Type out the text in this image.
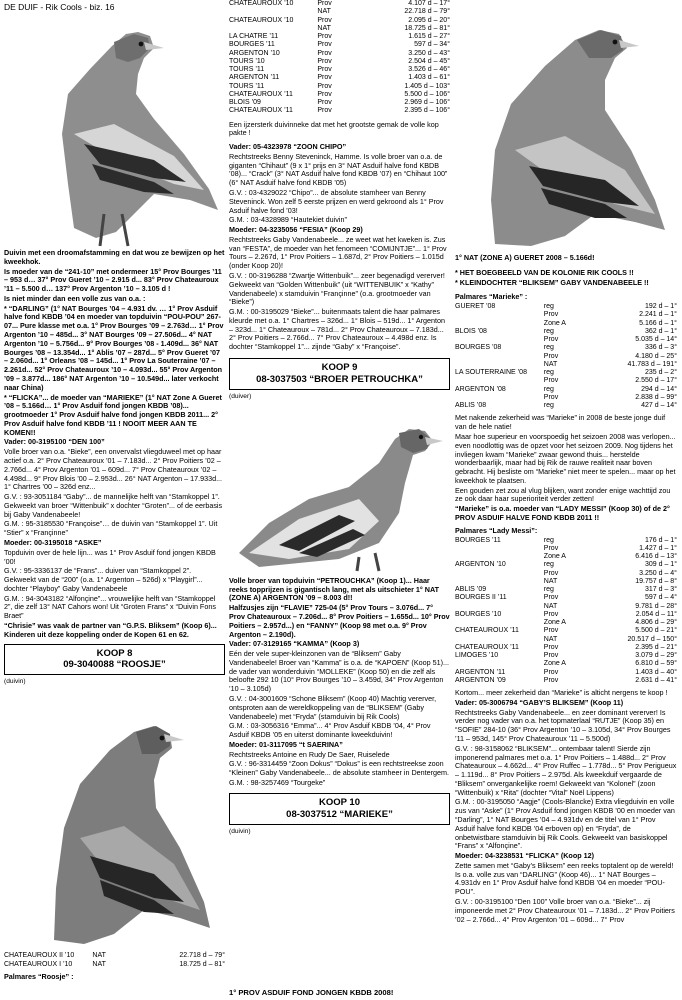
DE DUIF - Rik Cools - biz. 16
Duivin met een droomafstamming en dat wou ze bewijzen op het kweekhok.
Is moeder van de “241-10” met ondermeer 15° Prov Bourges ’11 – 953 d… 37° Prov Gueret ’10 – 2.915 d... 83° Prov Chateauroux ’11 – 5.500 d… 137° Prov Argenton ’10 – 3.105 d !
Is niet minder dan een volle zus van o.a. :
* “DARLING” (1° NAT Bourges ’04 – 4.931 dv. … 1° Prov Asduif halve fond KBDB ’04 en moeder van topduivin “POU-POU” 267-07... Pure klasse met o.a. 1° Prov Bourges ’09 – 2.763d… 1° Prov Argenton ’10 – 485d... 3° NAT Bourges ’09 – 27.506d... 4° NAT Argenton ’10 – 5.756d... 9° Prov Bourges ’08 - 1.409d... 36° NAT Bourges ’08 – 13.354d... 1° Ablis ’07 – 287d... 5° Prov Gueret ’07 – 2.060d... 1° Orleans ’08 – 145d... 1° Prov La Souterraine ’07 – 2.261d... 52° Prov Chateauroux ’10 – 4.093d... 55° Prov Argenton ’09 – 3.877d... 186° NAT Argenton ’10 – 10.549d... later verkocht naar China)
* “FLICKA”... de moeder van “MARIEKE” (1° NAT Zone A Gueret ’08 – 5.166d… 1° Prov Asduif fond jongen KBDB ’08)... grootmoeder 1° Prov Asduif halve fond jongen KBDB 2011... 2° Prov Asduif halve fond KBDB ’11 ! NOOIT MEER AAN TE KOMEN!!
Vader: 00-3195100 “DEN 100”
Volle broer van o.a. “Bieke”, een onvervalst vliegduweel met op haar actief o.a. 2° Prov Chateauroux ’01 – 7.183d... 2° Prov Poitiers ’02 – 2.766d... 4° Prov Argenton ’01 – 609d... 7° Prov Chateauroux ’02 – 4.498d... 9° Prov Blois ’00 – 2.953d... 26° NAT Argenton – 17.933d... 1° Chartres ’00 – 326d enz...
G.V. : 93-3051184 “Gaby”... de mannelijke helft van “Stamkoppel 1”. Gekweekt van broer “Wittenbuik” x dochter “Groten”... of de eerbasis bij Gaby Vandenabeele!
G.M. : 95-3185530 “Françoise”… de duivin van “Stamkoppel 1”. Uit “Stier” x “Françinne”
Moeder: 00-3195018 “ASKE”
Topduivin over de hele lijn... was 1° Prov Asduif fond jongen KBDB ’00!
G.V. : 95-3336137 de “Frans”... duiver van “Stamkoppel 2”. Gekweekt van de “200” (o.a. 1° Argenton – 526d) x “Playgirl”... dochter “Playboy” Gaby Vandenabeele
G.M. : 94-3043182 “Alfonçine”... vrouwelijke helft van “Stamkoppel 2”, die zelf 13° NAT Cahors won! Uit “Groten Frans” x “Duivin Fons Braet”
“Chrisie” was vaak de partner van “G.P.S. Bliksem” (Koop 6)... Kinderen uit deze koppeling onder de Kopen 61 en 62.
KOOP 8
09-3040088 “ROOSJE”
(duivin)
CHATEAUROUX II ’10	NAT	22.718 d – 79°
CHATEAUROUX I ’10	NAT	18.725 d – 81°
Palmares “Roosje” :
CHATEAUROUX ’10	Prov	4.107 d – 17°
	NAT	22.718 d – 79°
CHATEAUROUX ’10	Prov	2.095 d – 20°
	NAT	18.725 d – 81°
LA CHATRE ’11	Prov	1.615 d – 27°
BOURGES ’11	Prov	597 d – 34°
ARGENTON ’10	Prov	3.250 d – 43°
TOURS ’10	Prov	2.504 d – 45°
TOURS ’11	Prov	3.526 d – 46°
ARGENTON ’11	Prov	1.403 d – 61°
TOURS ’11	Prov	1.405 d – 103°
CHATEAUROUX ’11	Prov	5.500 d – 106°
BLOIS ’09	Prov	2.969 d – 106°
CHATEAUROUX ’11	Prov	2.395 d – 106°
Een ijzersterk duivinneke dat met het grootste gemak de volle kop pakte !
Vader: 05-4323978 “ZOON CHIPO”
Rechtstreeks Benny Steveninck, Hamme. Is volle broer van o.a. de giganten “Chihaut” (9 x 1° prijs en 3° NAT Asduif halve fond KBDB ’08)... “Crack” (3° NAT Asduif halve fond KBDB ’07) en “Chihaut 100” (6° NAT Asduif halve fond KBDB ’05)
G.V. : 03-4329022 “Chipo”... de absolute stamheer van Benny Steveninck. Won zelf 5 eerste prijzen en werd gekroond als 1° Prov Asduif halve fond ’03!
G.M. : 03-4328989 “Hautekiet duivin”
Moeder: 04-3235056 “FESIA” (Koop 29)
Rechtstreeks Gaby Vandenabeele... ze weet wat het kweken is. Zus van “FESTA”, de moeder van het fenomeen “COMIJNTJE”... 1° Prov Tours – 2.267d, 1° Prov Poitiers – 1.687d, 2° Prov Poitiers – 1.015d (onder Koop 20)!
G.V. : 00-3196288 “Zwartje Wittenbuik”... zeer begenadigd vererver! Gekweekt van “Golden Wittenbuik” (uit “WITTENBUIK” x “Kathy” Vandenabeele) x stamduivin “Françinne” (o.a. grootmoeder van “Bieke”)
G.M. : 00-3195029 “Bieke”... buitenmaats talent die haar palmares kleurde met o.a. 1° Chartres – 326d... 1° Blois – 519d... 1° Argenton – 323d... 1° Chateauroux – 781d... 2° Prov Chateauroux – 7.183d... 2° Prov Poitiers – 2.766d... 7° Prov Chateauroux – 4.498d enz. Is dochter “Stamkoppel 1”... zijnde “Gaby” x “Françoise”.
KOOP 9
08-3037503 “BROER PETROUCHKA”
(duiver)
Volle broer van topduivin “PETROUCHKA” (Koop 1)... Haar reeks topprijzen is gigantisch lang, met als uitschieter 1° NAT (ZONE A) ARGENTON ’09 – 8.003 d!!
Halfzusjes zijn “FLAVIE” 725-04 (5° Prov Tours – 3.076d... 7° Prov Chateauroux – 7.206d... 8° Prov Poitiers – 1.655d... 10° Prov Poitiers – 2.957d...) en “FANNY” (Koop 98 met o.a. 9° Prov Argenton – 2.190d).
Vader: 07-3129165 “KAMMA” (Koop 3)
Eén der vele super-kleinzonen van de “Bliksem” Gaby Vandenabeele! Broer van “Kamma” is o.a. de “KAPOEN” (Koop 51)... de vader van wonderduivin “MOLLEKE” (Koop 50) en die zelf als beloofte 292 10 (10° Prov Bourges ’10 – 3.459d, 34° Prov Argenton ’10 – 3.105d)
G.V. : 04-3001609 “Schone Bliksem” (Koop 40) Machtig vererver, ontsproten aan de wereldkoppeling van de “BLIKSEM” (Gaby Vandenabeele) met “Fryda” (stamduivin bij Rik Cools)
G.M. : 03-3056316 “Emma”... 4° Prov Asduif KBDB ’04, 4° Prov Asduif KBDB ’05 en uiterst dominante kweekduivin!
Moeder: 01-3117095 “t SAERINA”
Rechtstreeks Antoine en Rudy De Saer, Ruiselede
G.V. : 96-3314459 “Zoon Dokus” “Dokus” is een rechtstreekse zoon “Kleinen” Gaby Vandenabeele... de absolute stamheer in Dentergem.
G.M. : 98-3257469 “Tourgeke”
KOOP 10
08-3037512 “MARIEKE”
(duivin)
1° PROV ASDUIF FOND JONGEN KBDB 2008!
1° NAT (ZONE A) GUERET 2008 – 5.166d!
* HET BOEGBEELD VAN DE KOLONIE RIK COOLS !!
* KLEINDOCHTER “BLIKSEM” GABY VANDENABEELE !!
Palmares “Marieke” :
GUERET ’08	reg	192 d – 1°
	Prov	2.241 d – 1°
	Zone A	5.166 d – 1°
BLOIS ’08	reg	362 d – 1°
	Prov	5.035 d – 14°
BOURGES ’08	reg	336 d – 3°
	Prov	4.180 d – 25°
	NAT	41.783 d – 191°
LA SOUTERRAINE ’08	reg	235 d – 2°
	Prov	2.550 d – 17°
ARGENTON ’08	reg	294 d – 14°
	Prov	2.838 d – 99°
ABLIS ’08	reg	427 d – 14°
Met nakende zekerheid was “Marieke” in 2008 de beste jonge duif van de hele natie!
Maar hoe superieur en voorspoedig het seizoen 2008 was verlopen... even noodlottig was de opzet voor het seizoen 2009. Nog tijdens het invliegen kwam “Marieke” zwaar gewond thuis... herstelde wonderbaarlijk, maar had bij Rik de rauwe realiteit naar boven gebracht. Hij besliste om “Marieke” niet meer te spelen... maar op het kweekhok te plaatsen.
Een gouden zet zou al vlug blijken, want zonder enige wachttijd zou ze ook daar haar superioriteit verder zetten!
“Marieke” is o.a. moeder van “LADY MESSI” (Koop 30) of de 2° PROV ASDUIF HALVE FOND KBDB 2011 !!
Palmares “Lady Messi”:
BOURGES ’11	reg	176 d – 1°
	Prov	1.427 d – 1°
	Zone A	6.416 d – 13°
ARGENTON ’10	reg	309 d – 1°
	Prov	3.250 d – 4°
	NAT	19.757 d – 8°
ABLIS ’09	reg	317 d – 3°
BOURGES II ’11	Prov	597 d – 4°
	NAT	9.781 d – 28°
BOURGES ’10	Prov	2.054 d – 11°
	Zone A	4.806 d – 29°
CHATEAUROUX ’11	Prov	5.500 d – 21°
	NAT	20.517 d – 150°
CHATEAUROUX ’11	Prov	2.395 d – 21°
LIMOGES ’10	Prov	3.079 d – 29°
	Zone A	6.810 d – 59°
ARGENTON ’11	Prov	1.403 d – 40°
ARGENTON ’09	Prov	2.631 d – 41°
Kortom... meer zekerheid dan “Marieke” is alticht nergens te koop !
Vader: 05-3006794 “GABY’S BLIKSEM” (Koop 11)
Rechtstreeks Gaby Vandenabeele... en zeer dominant vererver! Is verder nog vader van o.a. het topmaterlaal “RUTJE” (Koop 35) en “SOFIE” 284-10 (36° Prov Argenton ’10 – 3.105d, 34° Prov Bourges ’11 – 953d, 145° Prov Chateauroux ’11 – 5.500d)
G.V. : 98-3158062 “BLIKSEM”... ontembaar talent! Sierde zijn imponerend palmares met o.a. 1° Prov Poitiers – 1.488d... 2° Prov Chateauroux – 4.662d... 4° Prov Ruffec – 1.778d... 5° Prov Perigueux – 1.119d... 8° Prov Poitiers – 2.975d. Als kweekduif vergaarde de “Bliksem” onvergankelijke roem! Gekweekt van “Kolonel” (zoon “Wittenbuik) x “Rita” (dochter “Vital” Noël Lippens)
G.M. : 00-3195050 “Aagje” (Cools-Blancke) Extra vliegduivin en volle zus van “Aske” (1° Prov Asduif fond jongen KBDB ’00 en moeder van “Darling”, 1° NAT Bourges ’04 – 4.931dv en de titel van 1° Prov Asduif halve fond KBDB ’04 erboven op) en “Fryda”, de onbetwistbare stamduivin bij Rik Cools. Gekweekt van basiskoppel “Frans” x “Alfonçine”.
Moeder: 04-3238531 “FLICKA” (Koop 12)
Zette samen met “Gaby’s Bliksem” een reeks toptalent op de wereld! Is o.a. volle zus van “DARLING” (Koop 46)... 1° NAT Bourges – 4.931dv en 1° Prov Asduif halve fond KBDB ’04 en moeder “POU-POU”.
G.V. : 00-3195100 “Den 100” Volle broer van o.a. “Bieke”... zij imponeerde met 2° Prov Chateauroux ’01 – 7.183d... 2° Prov Poitiers ’02 – 2.766d... 4° Prov Argenton ’01 – 609d... 7° Prov
